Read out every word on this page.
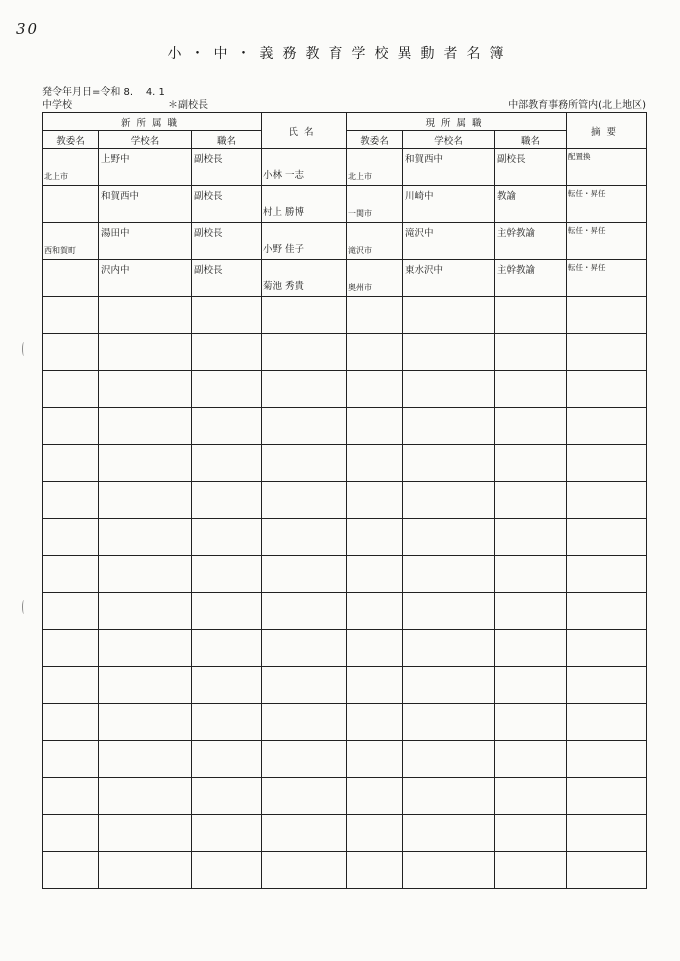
30
小・中・義務教育学校異動者名簿
発令年月日=令和 8.    4. 1
中学校	＊副校長	中部教育事務所管内(北上地区)
新所属職			氏名	現所属職			摘要
教委名	学校名	職名		教委名	学校名	職名	

北上市	上野中	副校長	小林 一志	北上市	和賀西中	副校長	配置換

	和賀西中	副校長	村上 勝博	一関市	川崎中	教諭	転任・昇任

西和賀町	湯田中	副校長	小野 佳子	滝沢市	滝沢中	主幹教諭	転任・昇任

	沢内中	副校長	菊池 秀貴	奥州市	東水沢中	主幹教諭	転任・昇任
